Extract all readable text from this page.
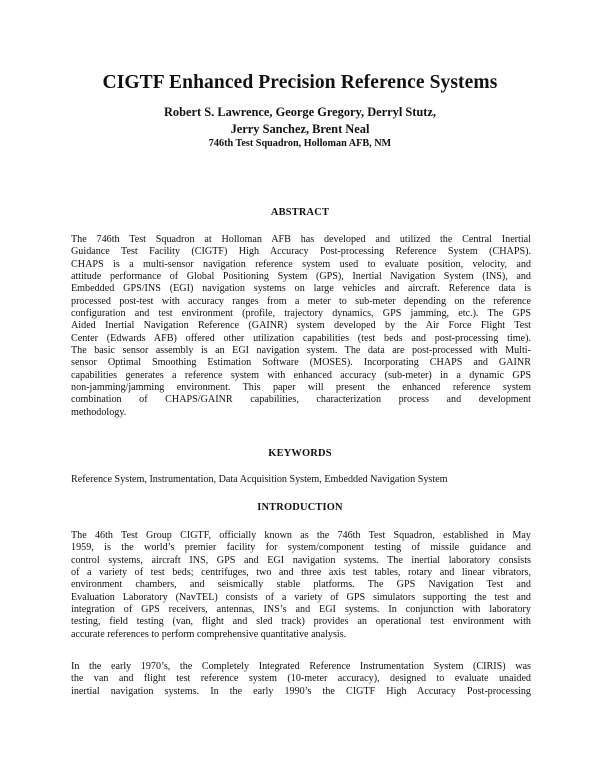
CIGTF Enhanced Precision Reference Systems
Robert S. Lawrence, George Gregory, Derryl Stutz,
Jerry Sanchez, Brent Neal
746th Test Squadron, Holloman AFB, NM
ABSTRACT
The 746th Test Squadron at Holloman AFB has developed and utilized the Central Inertial
Guidance Test Facility (CIGTF) High Accuracy Post-processing Reference System (CHAPS).
CHAPS is a multi-sensor navigation reference system used to evaluate position, velocity, and
attitude performance of Global Positioning System (GPS), Inertial Navigation System (INS), and
Embedded GPS/INS (EGI) navigation systems on large vehicles and aircraft. Reference data is
processed post-test with accuracy ranges from a meter to sub-meter depending on the reference
configuration and test environment (profile, trajectory dynamics, GPS jamming, etc.). The GPS
Aided Inertial Navigation Reference (GAINR) system developed by the Air Force Flight Test
Center (Edwards AFB) offered other utilization capabilities (test beds and post-processing time).
The basic sensor assembly is an EGI navigation system. The data are post-processed with Multi-
sensor Optimal Smoothing Estimation Software (MOSES). Incorporating CHAPS and GAINR
capabilities generates a reference system with enhanced accuracy (sub-meter) in a dynamic GPS
non-jamming/jamming environment. This paper will present the enhanced reference system
combination of CHAPS/GAINR capabilities, characterization process and development
methodology.
KEYWORDS
Reference System, Instrumentation, Data Acquisition System, Embedded Navigation System
INTRODUCTION
The 46th Test Group CIGTF, officially known as the 746th Test Squadron, established in May
1959, is the world’s premier facility for system/component testing of missile guidance and
control systems, aircraft INS, GPS and EGI navigation systems. The inertial laboratory consists
of a variety of test beds; centrifuges, two and three axis test tables, rotary and linear vibrators,
environment chambers, and seismically stable platforms. The GPS Navigation Test and
Evaluation Laboratory (NavTEL) consists of a variety of GPS simulators supporting the test and
integration of GPS receivers, antennas, INS’s and EGI systems. In conjunction with laboratory
testing, field testing (van, flight and sled track) provides an operational test environment with
accurate references to perform comprehensive quantitative analysis.
In the early 1970’s, the Completely Integrated Reference Instrumentation System (CIRIS) was
the van and flight test reference system (10-meter accuracy), designed to evaluate unaided
inertial navigation systems. In the early 1990’s the CIGTF High Accuracy Post-processing
